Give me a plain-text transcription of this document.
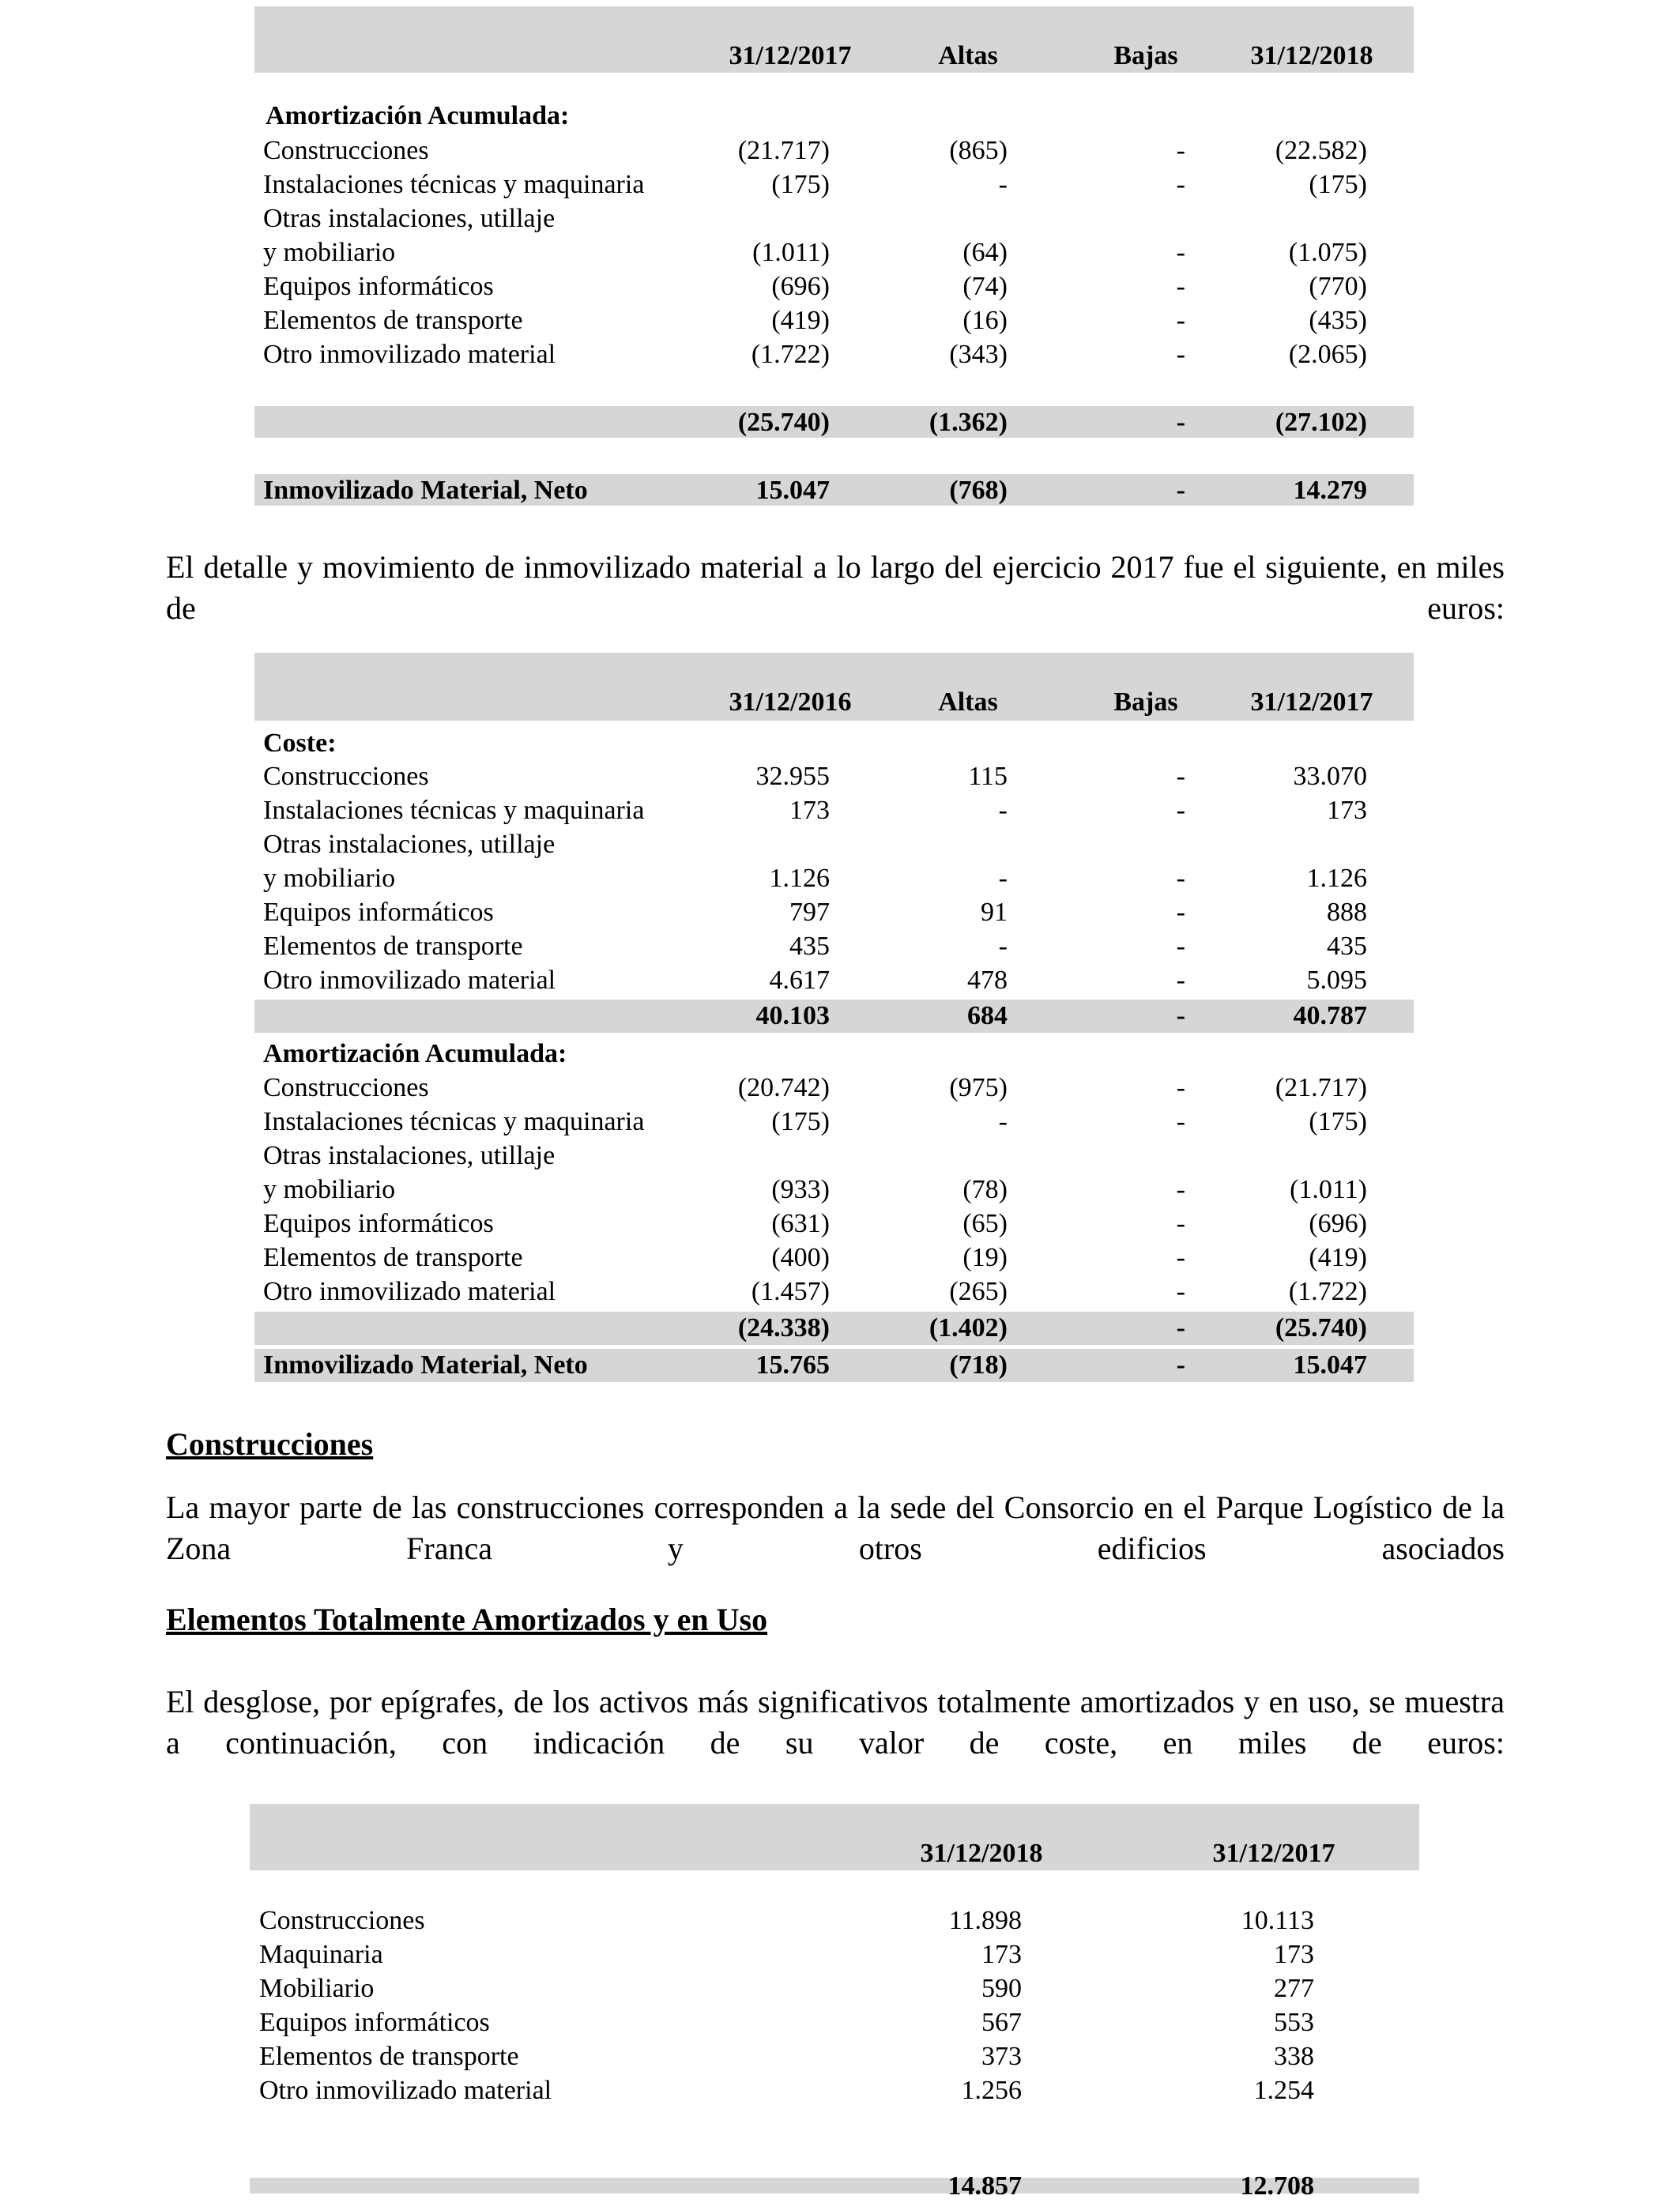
31/12/2017	Altas	Bajas	31/12/2018
Amortización Acumulada:
Construcciones	(21.717)	(865)	-	(22.582)
Instalaciones técnicas y maquinaria	(175)	-	-	(175)
Otras instalaciones, utillaje
y mobiliario	(1.011)	(64)	-	(1.075)
Equipos informáticos	(696)	(74)	-	(770)
Elementos de transporte	(419)	(16)	-	(435)
Otro inmovilizado material	(1.722)	(343)	-	(2.065)
(25.740)	(1.362)	-	(27.102)
Inmovilizado Material, Neto	15.047	(768)	-	14.279
El detalle y movimiento de inmovilizado material a lo largo del ejercicio 2017 fue el siguiente, en miles de euros:
31/12/2016	Altas	Bajas	31/12/2017
Coste:
Construcciones	32.955	115	-	33.070
Instalaciones técnicas y maquinaria	173	-	-	173
Otras instalaciones, utillaje
y mobiliario	1.126	-	-	1.126
Equipos informáticos	797	91	-	888
Elementos de transporte	435	-	-	435
Otro inmovilizado material	4.617	478	-	5.095
40.103	684	-	40.787
Amortización Acumulada:
Construcciones	(20.742)	(975)	-	(21.717)
Instalaciones técnicas y maquinaria	(175)	-	-	(175)
Otras instalaciones, utillaje
y mobiliario	(933)	(78)	-	(1.011)
Equipos informáticos	(631)	(65)	-	(696)
Elementos de transporte	(400)	(19)	-	(419)
Otro inmovilizado material	(1.457)	(265)	-	(1.722)
(24.338)	(1.402)	-	(25.740)
Inmovilizado Material, Neto	15.765	(718)	-	15.047
Construcciones
La mayor parte de las construcciones corresponden a la sede del Consorcio en el Parque Logístico de la Zona Franca y otros edificios asociados
Elementos Totalmente Amortizados y en Uso
El desglose, por epígrafes, de los activos más significativos totalmente amortizados y en uso, se muestra a continuación, con indicación de su valor de coste, en miles de euros:
31/12/2018	31/12/2017
Construcciones	11.898	10.113
Maquinaria	173	173
Mobiliario	590	277
Equipos informáticos	567	553
Elementos de transporte	373	338
Otro inmovilizado material	1.256	1.254
14.857	12.708
